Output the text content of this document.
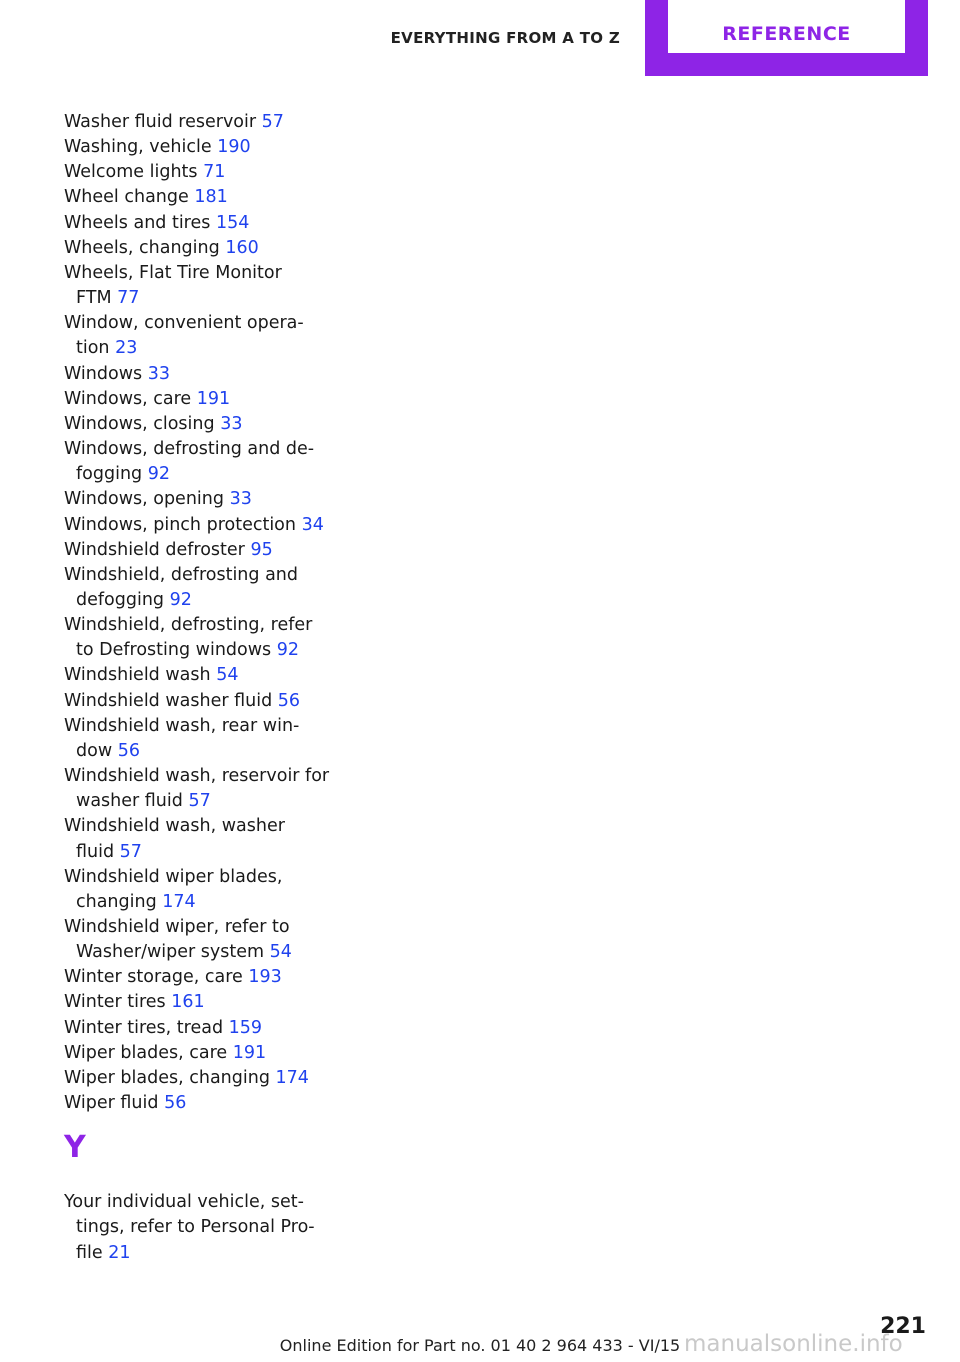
EVERYTHING FROM A TO Z	REFERENCE
Washer fluid reservoir 57
Washing, vehicle 190
Welcome lights 71
Wheel change 181
Wheels and tires 154
Wheels, changing 160
Wheels, Flat Tire Monitor
FTM 77
Window, convenient opera‐
tion 23
Windows 33
Windows, care 191
Windows, closing 33
Windows, defrosting and de‐
fogging 92
Windows, opening 33
Windows, pinch protection 34
Windshield defroster 95
Windshield, defrosting and
defogging 92
Windshield, defrosting, refer
to Defrosting windows 92
Windshield wash 54
Windshield washer fluid 56
Windshield wash, rear win‐
dow 56
Windshield wash, reservoir for
washer fluid 57
Windshield wash, washer
fluid 57
Windshield wiper blades,
changing 174
Windshield wiper, refer to
Washer/wiper system 54
Winter storage, care 193
Winter tires 161
Winter tires, tread 159
Wiper blades, care 191
Wiper blades, changing 174
Wiper fluid 56
Y
Your individual vehicle, set‐
tings, refer to Personal Pro‐
file 21
221
Online Edition for Part no. 01 40 2 964 433 - VI/15 manualsonline.info
